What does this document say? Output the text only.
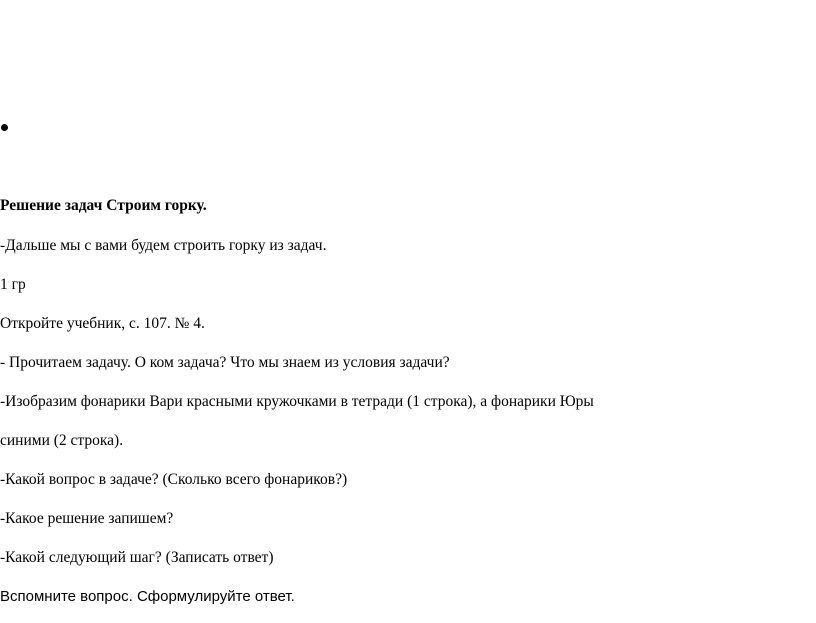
Решение задач Строим горку.
-Дальше мы с вами будем строить горку из задач.
1 гр
Откройте учебник, с. 107. № 4.
- Прочитаем задачу. О ком задача? Что мы знаем из условия задачи?
-Изобразим фонарики Вари красными кружочками в тетради (1 строка), а фонарики Юры
синими (2 строка).
-Какой вопрос в задаче? (Сколько всего фонариков?)
-Какое решение запишем?
-Какой следующий шаг? (Записать ответ)
Вспомните вопрос. Сформулируйте ответ.
